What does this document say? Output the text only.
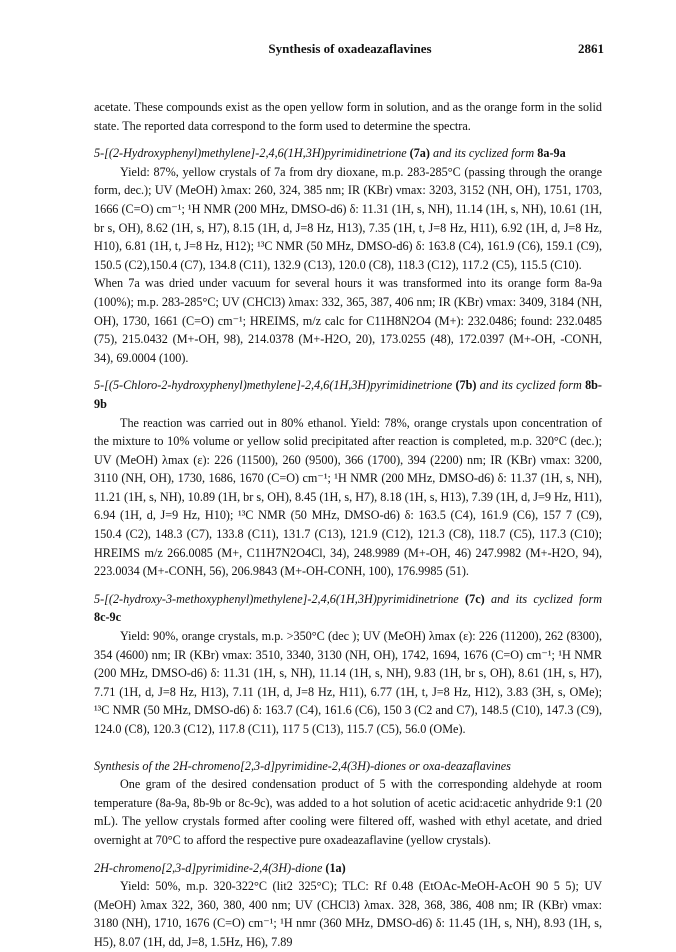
Synthesis of oxadeazaflavines	2861

acetate. These compounds exist as the open yellow form in solution, and as the orange form in the solid state. The reported data correspond to the form used to determine the spectra.

5-[(2-Hydroxyphenyl)methylene]-2,4,6(1H,3H)pyrimidinetrione (7a) and its cyclized form 8a-9a

Yield: 87%, yellow crystals of 7a from dry dioxane, m.p. 283-285°C (passing through the orange form, dec.); UV (MeOH) λmax: 260, 324, 385 nm; IR (KBr) νmax: 3203, 3152 (NH, OH), 1751, 1703, 1666 (C=O) cm⁻¹; ¹H NMR (200 MHz, DMSO-d6) δ: 11.31 (1H, s, NH), 11.14 (1H, s, NH), 10.61 (1H, br s, OH), 8.62 (1H, s, H7), 8.15 (1H, d, J=8 Hz, H13), 7.35 (1H, t, J=8 Hz, H11), 6.92 (1H, d, J=8 Hz, H10), 6.81 (1H, t, J=8 Hz, H12); ¹³C NMR (50 MHz, DMSO-d6) δ: 163.8 (C4), 161.9 (C6), 159.1 (C9), 150.5 (C2),150.4 (C7), 134.8 (C11), 132.9 (C13), 120.0 (C8), 118.3 (C12), 117.2 (C5), 115.5 (C10).

When 7a was dried under vacuum for several hours it was transformed into its orange form 8a-9a (100%); m.p. 283-285°C; UV (CHCl3) λmax: 332, 365, 387, 406 nm; IR (KBr) νmax: 3409, 3184 (NH, OH), 1730, 1661 (C=O) cm⁻¹; HREIMS, m/z calc for C11H8N2O4 (M+): 232.0486; found: 232.0485 (75), 215.0432 (M+-OH, 98), 214.0378 (M+-H2O, 20), 173.0255 (48), 172.0397 (M+-OH, -CONH, 34), 69.0004 (100).

5-[(5-Chloro-2-hydroxyphenyl)methylene]-2,4,6(1H,3H)pyrimidinetrione (7b) and its cyclized form 8b-9b

The reaction was carried out in 80% ethanol. Yield: 78%, orange crystals upon concentration of the mixture to 10% volume or yellow solid precipitated after reaction is completed, m.p. 320°C (dec.); UV (MeOH) λmax (ε): 226 (11500), 260 (9500), 366 (1700), 394 (2200) nm; IR (KBr) νmax: 3200, 3110 (NH, OH), 1730, 1686, 1670 (C=O) cm⁻¹; ¹H NMR (200 MHz, DMSO-d6) δ: 11.37 (1H, s, NH), 11.21 (1H, s, NH), 10.89 (1H, br s, OH), 8.45 (1H, s, H7), 8.18 (1H, s, H13), 7.39 (1H, d, J=9 Hz, H11), 6.94 (1H, d, J=9 Hz, H10); ¹³C NMR (50 MHz, DMSO-d6) δ: 163.5 (C4), 161.9 (C6), 157 7 (C9), 150.4 (C2), 148.3 (C7), 133.8 (C11), 131.7 (C13), 121.9 (C12), 121.3 (C8), 118.7 (C5), 117.3 (C10); HREIMS m/z 266.0085 (M+, C11H7N2O4Cl, 34), 248.9989 (M+-OH, 46) 247.9982 (M+-H2O, 94), 223.0034 (M+-CONH, 56), 206.9843 (M+-OH-CONH, 100), 176.9985 (51).

5-[(2-hydroxy-3-methoxyphenyl)methylene]-2,4,6(1H,3H)pyrimidinetrione (7c) and its cyclized form 8c-9c

Yield: 90%, orange crystals, m.p. >350°C (dec ); UV (MeOH) λmax (ε): 226 (11200), 262 (8300), 354 (4600) nm; IR (KBr) νmax: 3510, 3340, 3130 (NH, OH), 1742, 1694, 1676 (C=O) cm⁻¹; ¹H NMR (200 MHz, DMSO-d6) δ: 11.31 (1H, s, NH), 11.14 (1H, s, NH), 9.83 (1H, br s, OH), 8.61 (1H, s, H7), 7.71 (1H, d, J=8 Hz, H13), 7.11 (1H, d, J=8 Hz, H11), 6.77 (1H, t, J=8 Hz, H12), 3.83 (3H, s, OMe); ¹³C NMR (50 MHz, DMSO-d6) δ: 163.7 (C4), 161.6 (C6), 150 3 (C2 and C7), 148.5 (C10), 147.3 (C9), 124.0 (C8), 120.3 (C12), 117.8 (C11), 117 5 (C13), 115.7 (C5), 56.0 (OMe).

Synthesis of the 2H-chromeno[2,3-d]pyrimidine-2,4(3H)-diones or oxa-deazaflavines

One gram of the desired condensation product of 5 with the corresponding aldehyde at room temperature (8a-9a, 8b-9b or 8c-9c), was added to a hot solution of acetic acid:acetic anhydride 9:1 (20 mL). The yellow crystals formed after cooling were filtered off, washed with ethyl acetate, and dried overnight at 70°C to afford the respective pure oxadeazaflavine (yellow crystals).

2H-chromeno[2,3-d]pyrimidine-2,4(3H)-dione (1a)

Yield: 50%, m.p. 320-322°C (lit2 325°C); TLC: Rf 0.48 (EtOAc-MeOH-AcOH 90 5 5); UV (MeOH) λmax 322, 360, 380, 400 nm; UV (CHCl3) λmax. 328, 368, 386, 408 nm; IR (KBr) νmax: 3180 (NH), 1710, 1676 (C=O) cm⁻¹; ¹H nmr (360 MHz, DMSO-d6) δ: 11.45 (1H, s, NH), 8.93 (1H, s, H5), 8.07 (1H, dd, J=8, 1.5Hz, H6), 7.89
